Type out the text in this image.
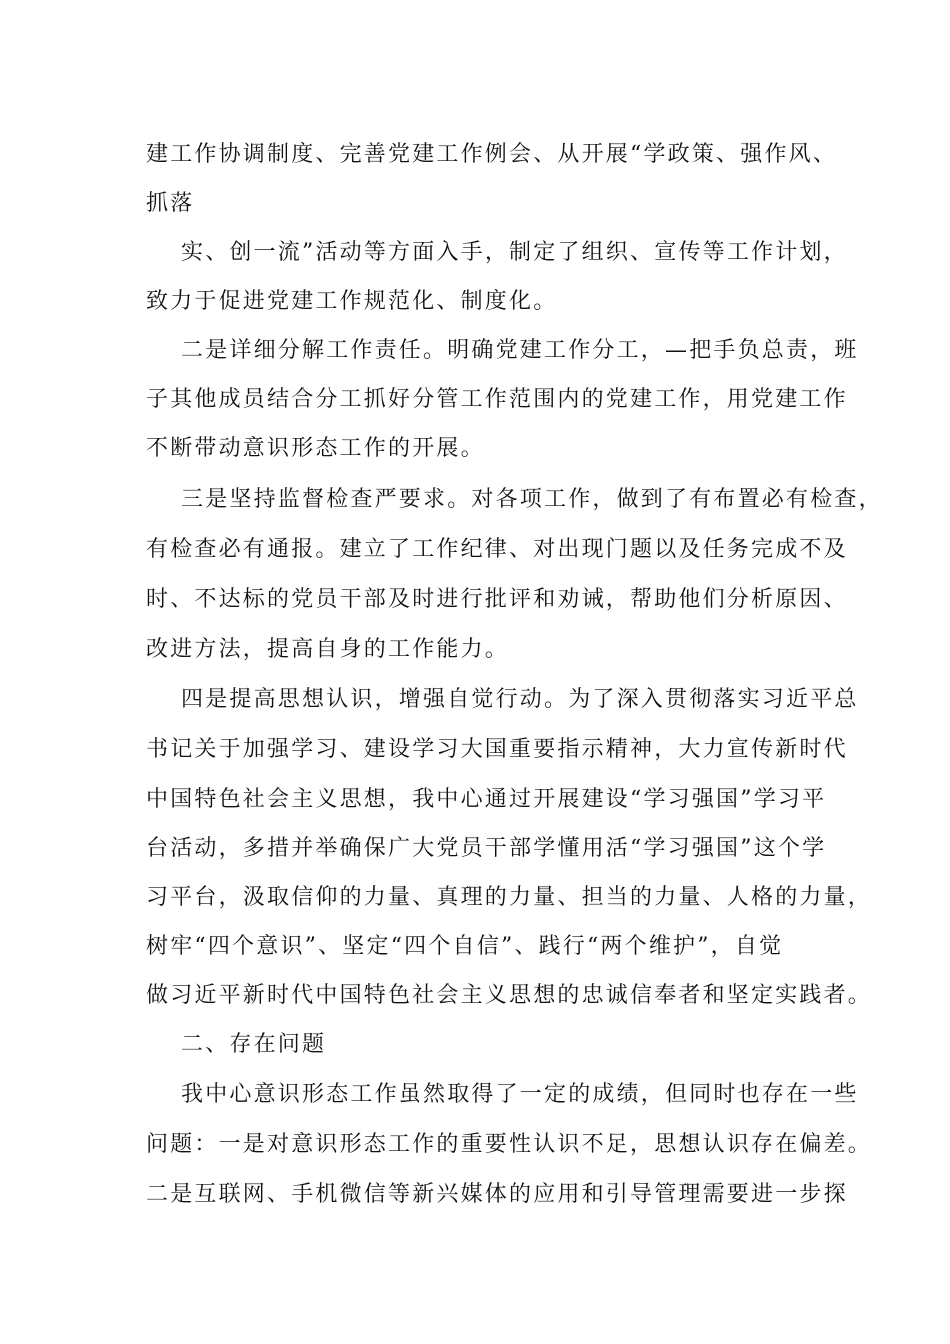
建工作协调制度、完善党建工作例会、从开展“学政策、强作风、
抓落
实、创一流”活动等方面入手，制定了组织、宣传等工作计划，
致力于促进党建工作规范化、制度化。
二是详细分解工作责任。明确党建工作分工，—把手负总责，班
子其他成员结合分工抓好分管工作范围内的党建工作，用党建工作
不断带动意识形态工作的开展。
三是坚持监督检查严要求。对各项工作，做到了有布置必有检查，
有检查必有通报。建立了工作纪律、对出现门题以及任务完成不及
时、不达标的党员干部及时进行批评和劝诫，帮助他们分析原因、
改进方法，提高自身的工作能力。
四是提高思想认识，增强自觉行动。为了深入贯彻落实习近平总
书记关于加强学习、建设学习大国重要指示精神，大力宣传新时代
中国特色社会主义思想，我中心通过开展建设“学习强国”学习平
台活动，多措并举确保广大党员干部学懂用活“学习强国”这个学
习平台，汲取信仰的力量、真理的力量、担当的力量、人格的力量，
树牢“四个意识”、坚定“四个自信”、践行“两个维护”，自觉
做习近平新时代中国特色社会主义思想的忠诚信奉者和坚定实践者。
二、存在问题
我中心意识形态工作虽然取得了一定的成绩，但同时也存在一些
问题：一是对意识形态工作的重要性认识不足，思想认识存在偏差。
二是互联网、手机微信等新兴媒体的应用和引导管理需要进一步探
